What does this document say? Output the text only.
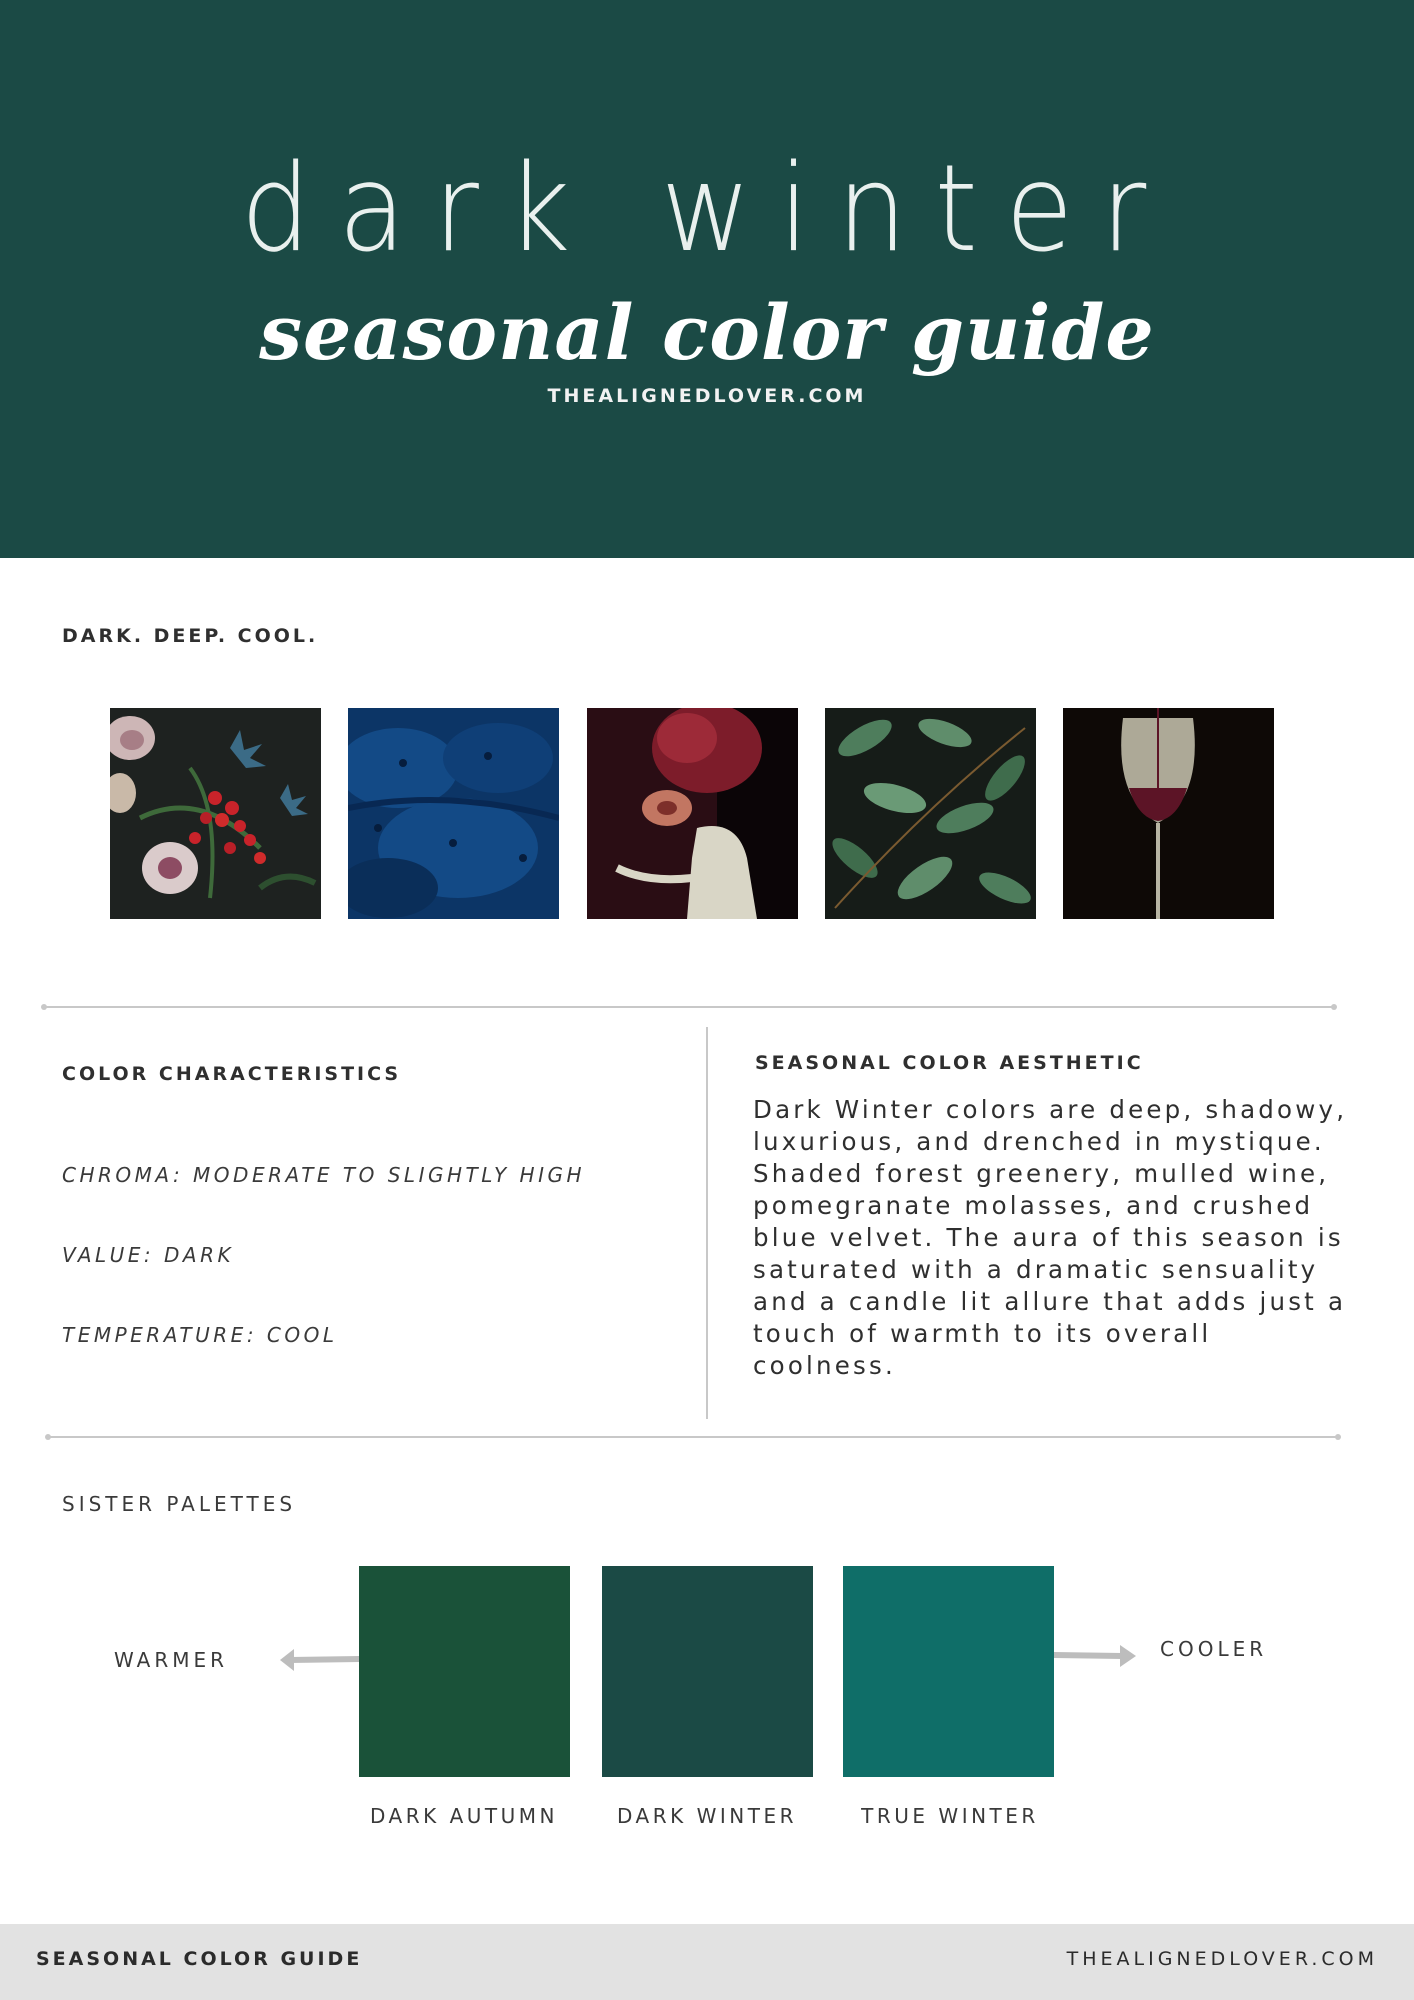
dark winter
seasonal color guide
THEALIGNEDLOVER.COM
DARK. DEEP. COOL.
COLOR CHARACTERISTICS
CHROMA: MODERATE TO SLIGHTLY HIGH
VALUE: DARK
TEMPERATURE: COOL
SEASONAL COLOR AESTHETIC
Dark Winter colors are deep, shadowy, luxurious, and drenched in mystique. Shaded forest greenery, mulled wine, pomegranate molasses, and crushed blue velvet. The aura of this season is saturated with a dramatic sensuality and a candle lit allure that adds just a touch of warmth to its overall coolness.
SISTER PALETTES
WARMER	COOLER
DARK AUTUMN	DARK WINTER	TRUE WINTER
SEASONAL COLOR GUIDE	THEALIGNEDLOVER.COM
